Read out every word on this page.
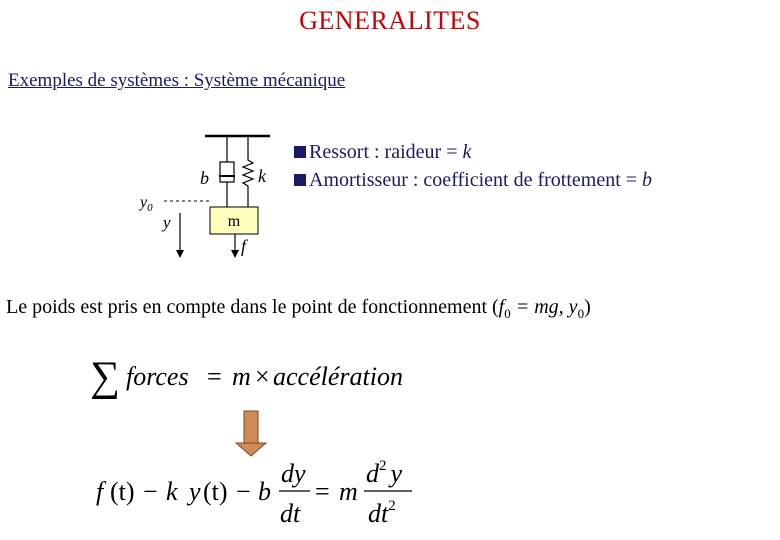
GENERALITES
Exemples de systèmes : Système mécanique
m
b	k
$y_0$
y
f
∑ forces = m × accélération
f (t) − k y (t) − b
dy
dt
= m
$d^2$ y
$dt^2$
Ressort : raideur = k
Amortisseur : coefficient de frottement = b
Le poids est pris en compte dans le point de fonctionnement ($f_0$ = mg, $y_0$)
